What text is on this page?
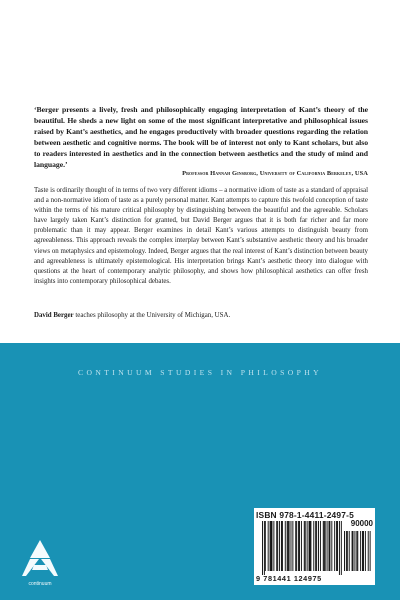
‘Berger presents a lively, fresh and philosophically engaging interpretation of Kant’s theory of the beautiful. He sheds a new light on some of the most significant interpretative and philosophical issues raised by Kant’s aesthetics, and he engages productively with broader questions regarding the relation between aesthetic and cognitive norms. The book will be of interest not only to Kant scholars, but also to readers interested in aesthetics and in the connection between aesthetics and the study of mind and language.’
Professor Hannah Ginsborg, University of California Berkeley, USA
Taste is ordinarily thought of in terms of two very different idioms – a normative idiom of taste as a standard of appraisal and a non-normative idiom of taste as a purely personal matter. Kant attempts to capture this twofold conception of taste within the terms of his mature critical philosophy by distinguishing between the beautiful and the agreeable. Scholars have largely taken Kant’s distinction for granted, but David Berger argues that it is both far richer and far more problematic than it may appear. Berger examines in detail Kant’s various attempts to distinguish beauty from agreeableness. This approach reveals the complex interplay between Kant’s substantive aesthetic theory and his broader views on metaphysics and epistemology. Indeed, Berger argues that the real interest of Kant’s distinction between beauty and agreeableness is ultimately epistemological. His interpretation brings Kant’s aesthetic theory into dialogue with questions at the heart of contemporary analytic philosophy, and shows how philosophical aesthetics can offer fresh insights into contemporary philosophical debates.
David Berger teaches philosophy at the University of Michigan, USA.
CONTINUUM STUDIES IN PHILOSOPHY
continuum
ISBN 978-1-4411-2497-5
90000
9 781441 124975
